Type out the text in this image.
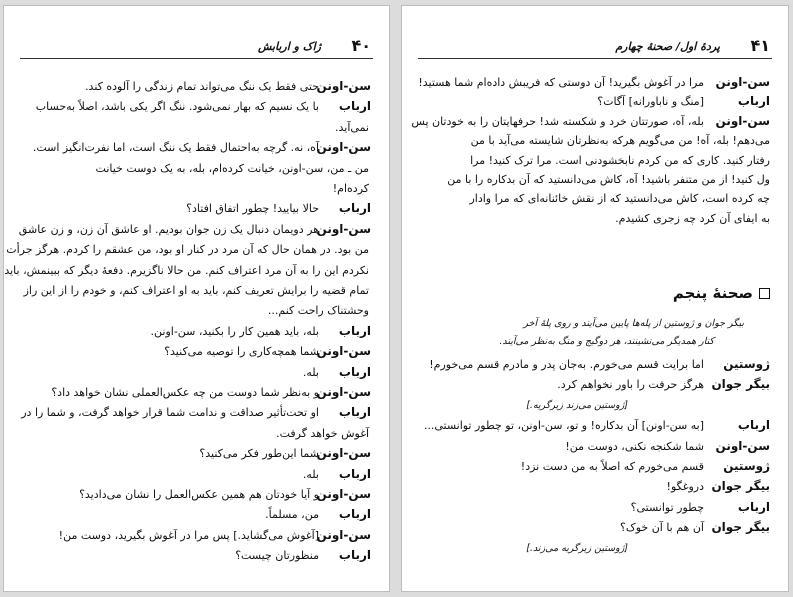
۴۰
ژاک و اربابش
سن-اونن
حتی فقط یک ننگ می‌تواند تمام زندگی را آلوده کند.
ارباب
با یک نسیم که بهار نمی‌شود. ننگ اگر یکی باشد، اصلاً به‌حساب
نمی‌آید.
سن-اونن
آه، نه. گرچه به‌احتمال فقط یک ننگ است، اما نفرت‌انگیز است.
من ـ من، سن-اونن، خیانت کرده‌ام، بله، به یک دوست خیانت
کرده‌ام!
ارباب
حالا بیایید! چطور اتفاق افتاد؟
سن-اونن
هر دویمان دنبال یک زن جوان بودیم. او عاشق آن زن، و زن عاشق
من بود. در همان حال که آن مرد در کنار او بود، من عشقم را کردم. هرگز جرأت
نکردم این را به آن مرد اعتراف کنم. من حالا ناگزیرم. دفعهٔ دیگر که ببینمش، باید
تمام قضیه را برایش تعریف کنم، باید به او اعتراف کنم، و خودم را از این راز
وحشتناک راحت کنم...
ارباب
بله، باید همین کار را بکنید، سن-اونن.
سن-اونن
شما همچه‌کاری را توصیه می‌کنید؟
ارباب
بله.
سن-اونن
و به‌نظر شما دوست من چه عکس‌العملی نشان خواهد داد؟
ارباب
او تحت‌تأثیر صداقت و ندامت شما قرار خواهد گرفت، و شما را در
آغوش خواهد گرفت.
سن-اونن
شما این‌طور فکر می‌کنید؟
ارباب
بله.
سن-اونن
و آیا خودتان هم همین عکس‌العمل را نشان می‌دادید؟
ارباب
من، مسلماً.
سن-اونن
[آغوش می‌گشاید.] پس مرا در آغوش بگیرید، دوست من!
ارباب
منظورتان چیست؟
۴۱
پردهٔ اول/ صحنهٔ چهارم
صحنهٔ پنجم
سن-اونن
مرا در آغوش بگیرید! آن دوستی که فریبش داده‌ام شما هستید!
ارباب
[منگ و ناباورانه] آگات؟
سن-اونن
بله، آه، صورتتان خرد و شکسته شد! حرفهایتان را به خودتان پس
می‌دهم! بله، آه! من می‌گویم هرکه به‌نظرتان شایسته می‌آید با من
رفتار کنید. کاری که من کردم نابخشودنی است. مرا ترک کنید! مرا
ول کنید! از من متنفر باشید! آه، کاش می‌دانستید که آن بدکاره را با من
چه کرده است، کاش می‌دانستید که از نقش خائنانه‌ای که مرا وادار
به ایفای آن کرد چه زجری کشیدم.
بیگر جوان و ژوستین از پله‌ها پایین می‌آیند و روی پلهٔ آخر
کنار همدیگر می‌نشینند، هر دوگیج و منگ به‌نظر می‌آیند.
ژوستین
اما برایت قسم می‌خورم. به‌جان پدر و مادرم قسم می‌خورم!
بیگر جوان
هرگز حرفت را باور نخواهم کرد.
[ژوستین می‌زند زیرگریه.]
ارباب
[به سن-اونن] آن بدکاره! و تو، سن-اونن، تو چطور توانستی...
سن-اونن
شما شکنجه نکنی، دوست من!
ژوستین
قسم می‌خورم که اصلاً به من دست نزد!
بیگر جوان
دروغگو!
ارباب
چطور توانستی؟
بیگر جوان
آن هم با آن خوک؟
[ژوستین زیرگریه می‌زند.]
